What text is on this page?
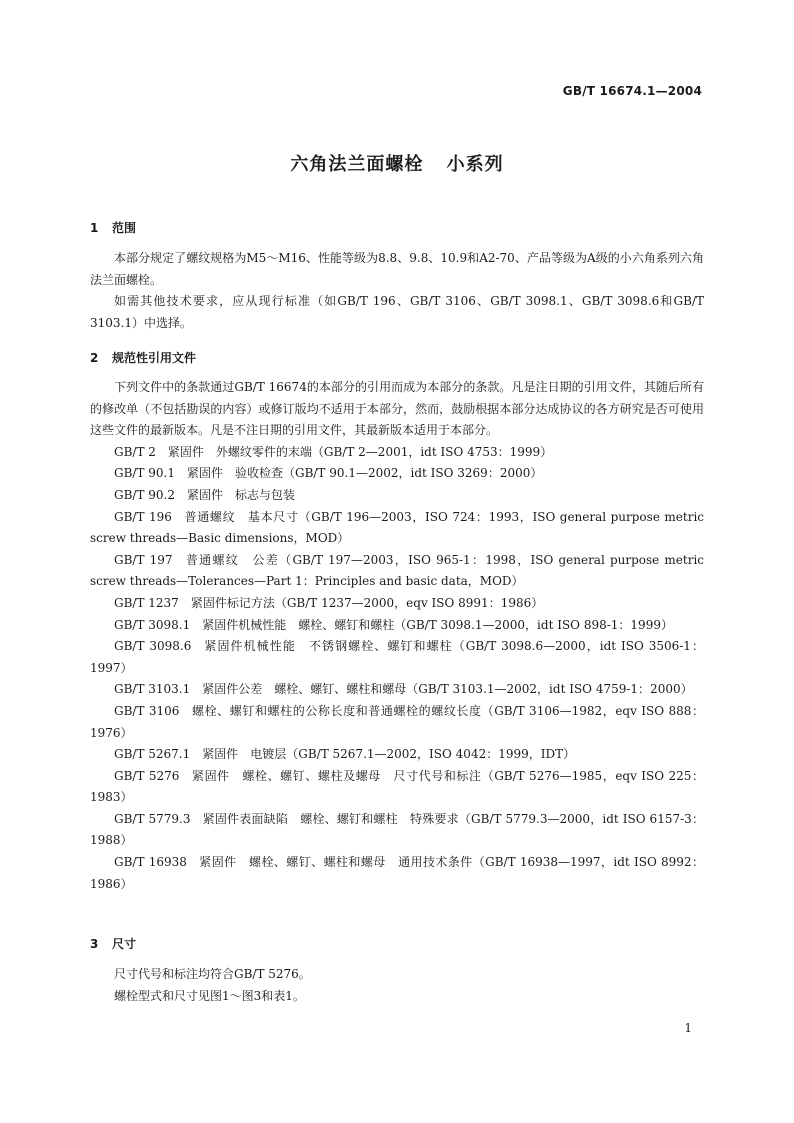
GB/T 16674.1—2004
六角法兰面螺栓 小系列
1 范围

本部分规定了螺纹规格为M5～M16、性能等级为8.8、9.8、10.9和A2-70、产品等级为A级的小六角系列六角法兰面螺栓。

如需其他技术要求，应从现行标准（如GB/T 196、GB/T 3106、GB/T 3098.1、GB/T 3098.6和GB/T 3103.1）中选择。

2 规范性引用文件

下列文件中的条款通过GB/T 16674的本部分的引用而成为本部分的条款。凡是注日期的引用文件，其随后所有的修改单（不包括勘误的内容）或修订版均不适用于本部分，然而，鼓励根据本部分达成协议的各方研究是否可使用这些文件的最新版本。凡是不注日期的引用文件，其最新版本适用于本部分。

GB/T 2 紧固件　外螺纹零件的末端（GB/T 2—2001，idt ISO 4753：1999）
GB/T 90.1 紧固件　验收检查（GB/T 90.1—2002，idt ISO 3269：2000）
GB/T 90.2 紧固件　标志与包装
GB/T 196 普通螺纹　基本尺寸（GB/T 196—2003，ISO 724：1993，ISO general purpose metric screw threads—Basic dimensions，MOD）
GB/T 197 普通螺纹　公差（GB/T 197—2003，ISO 965-1：1998，ISO general purpose metric screw threads—Tolerances—Part 1：Principles and basic data，MOD）
GB/T 1237 紧固件标记方法（GB/T 1237—2000，eqv ISO 8991：1986）
GB/T 3098.1 紧固件机械性能　螺栓、螺钉和螺柱（GB/T 3098.1—2000，idt ISO 898-1：1999）
GB/T 3098.6 紧固件机械性能　不锈钢螺栓、螺钉和螺柱（GB/T 3098.6—2000，idt ISO 3506-1：1997）
GB/T 3103.1 紧固件公差　螺栓、螺钉、螺柱和螺母（GB/T 3103.1—2002，idt ISO 4759-1：2000）
GB/T 3106 螺栓、螺钉和螺柱的公称长度和普通螺栓的螺纹长度（GB/T 3106—1982，eqv ISO 888：1976）
GB/T 5267.1 紧固件　电镀层（GB/T 5267.1—2002，ISO 4042：1999，IDT）
GB/T 5276 紧固件　螺栓、螺钉、螺柱及螺母　尺寸代号和标注（GB/T 5276—1985，eqv ISO 225：1983）
GB/T 5779.3 紧固件表面缺陷　螺栓、螺钉和螺柱　特殊要求（GB/T 5779.3—2000，idt ISO 6157-3：1988）
GB/T 16938 紧固件　螺栓、螺钉、螺柱和螺母　通用技术条件（GB/T 16938—1997，idt ISO 8992：1986）
3 尺寸

尺寸代号和标注均符合GB/T 5276。

螺栓型式和尺寸见图1～图3和表1。

1
